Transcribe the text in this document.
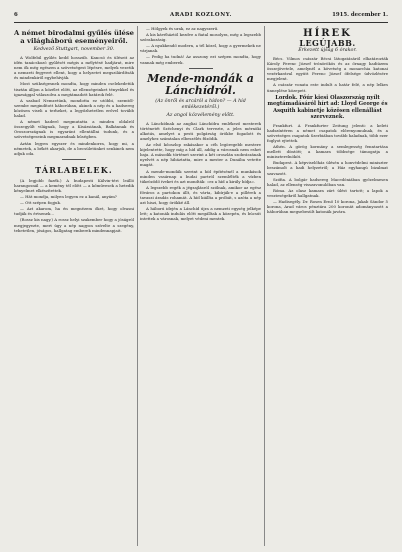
6	ARADI KOZLONY.	1915. december 1.
A német birodalmi gyűlés ülése a világháború eseményeiről.
Kedvező Stuttgart, november 30.

A Wolfebil gyűlés kedd hosszúb. Kancsó és üléseit az idén tanácskozó gyűlését mégis a mélytésé hadjárat, mire nem ők még egészen a szövetségest lépésre, melyek vezetik a nemzeti fegyvert ellent, hogy a helyzetet megszilárdítsák és mindenkiről egybehívják.

Most szükségesnek mondta, hogy minden cselekedetük tisztán álljon a közélet előtt, az ellenségeinket tényekkel és igazsággal válaszolva a megtámadott határok felé.

A szabad Nemzetünk, mondotta ez utóbbi, szemtől-szembe megindított háborúban, akinek a nép és a hadsereg közösen viseli a terheket, a legyőzhetetlen erővel tovább halad.

A német haderő megmutatta a minden oldalról összegyűlt világnak, hogy a Kisázsiának, Balkánnak és Oroszországnak is egyaránt ellentállni tudunk, és a szövetségeseink megmaradnak hűségben.

Aztán legyen egyszer és mindenkorra, hogy mi, a németek, a békét akarjuk, de a becsületünket senkinek nem adjuk oda.

TÁRLABELEK.

(A legjobb fazék.) A budapesti Kálvin-téri leálló harangosnál — a kemény tél előtt — a kőművesek a hetedik kényelmet elkészítettek.

— Hát mondja, milyen legyen ez a kanál, anyám?

— Ott szépen fogjuk.

— Azt akarom, ha én megnézem őket, hogy olvasni tudják és értsenek...

(Rossz kis nagy.) A rossz helyi szakember hogy a jóságról megjegyezte, mert úgy a nép nagyon szívelte a szegény, tehetetlen, jóságos, hallgatag emberek mindennapjait.

— Hölgyek és urak, ez az nagyszerű.

A kis kávéháztól kezdve a fiatal mosolyra, még a legszebb szórakozásig.

— A nyakkendő modern, a tél közel, hogy a gyermekek ne várjanak.

— Pedig ha tudná! Az asszony ezt szépen mondta, hogy vannak még emberek.

Mende-mondák a Lánchídról.
(Az önről és arcáról a hídon? — A híd emlékezetéről.)
Az angol közvélemény előtt.

A Lánchídnak az angliai Lánchídra emlékező mesterek történetét Széchenyi és Clark tervezte, a jeles mérnöki alkotás, amelyet a pesti polgárság örökbe fogadott és amelyhez számtalan elbeszélés fűződik.

Az első kőoszlop rakásakor a céh legöregebb mestere kijelentette, hogy míg a híd áll, addig a városnak nem eshet baja. A második történet szerint a két oroszlán szobrászának nyelvét a nép hibáztatta, mire a mester a Dunába vetette magát.

A mende-mondák szerint a híd építésénél a munkások minden vasárnap a budai partról szemlélték a vízben tükröződő íveket és azt mondták: «ez a híd a király hídja».

A legszebb regék a jégzajlásról szólnak, amikor az egész főváros a partokon állt, és várta, kibírják-e a pillérek a tavaszi áradás rohamát. A híd kiállta a próbát, s azóta a nép azt hiszi, hogy örökké áll.

A háború idején a Lánchíd újra a nemzeti egység jelképe lett; a katonák indulás előtt megálltak a közepén, és búcsút intettek a városnak, melyet védeni mentek.

HÍREK
LEGÚJABB.
Érkezett újság 6 órakor.

Bécs. Vilmos császár Bécsi látogatásáról elhatározták Károly Ferenc József trónörökös és az őrnagy hadiüzem összejövetele, amelynél a követség a monarchia katonai vezérkarával együtt Ferenc József őfelsége üdvözlésére megjelent.

A császár vonata este indult a határ felé, a nép lelkes ünneplése közepett.

Lordok. Főúr kiesi Olaszország nyílt megtámadásáról hírt ad: Lloyd George és Asquith kabinetje közösen ellenállást szerveznek.

Frankfurt. A Frankfurter Zeitung jelenti: a keleti hadszíntéren a német csapatok előrenyomulnak, és a szövetséges csapatok Szerbiában tovább haladnak, több ezer foglyot ejtettek.

Athén. A görög kormány a semlegesség fenntartása mellett döntött; a kamara többsége támogatja a miniszterelnököt.

Budapest. A képviselőház ülésén a honvédelmi miniszter beszámolt a hadi helyzetről; a Ház egyhangú bizalmat szavazott.

Szófia. A bolgár hadsereg Macedóniában győzelmesen halad, az ellenség visszavonulóban van.

Róma. Az olasz kamara zárt ülést tartott; a lapok a veszteségekről hallgatnak.

— Hadisegély. Dr. Rosen Ernő 10 korona, Jakab Sándor 5 korona, Arad város pénztára 200 koronát adományozott a háborúban megsebesült katonák javára.
